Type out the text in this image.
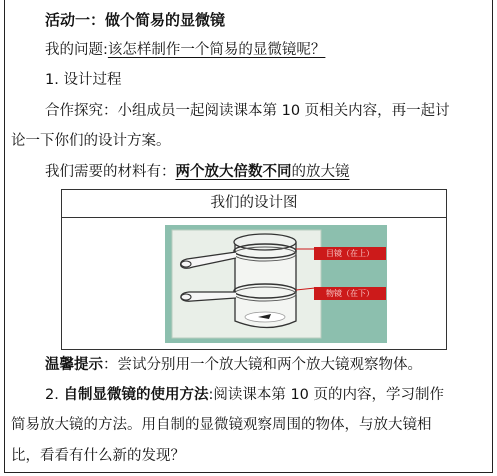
活动一：做个简易的显微镜
我的问题:该怎样制作一个简易的显微镜呢？
1. 设计过程
合作探究：小组成员一起阅读课本第 10 页相关内容，再一起讨
论一下你们的设计方案。
我们需要的材料有：两个放大倍数不同的放大镜
我们的设计图
目镜（在上）
物镜（在下）
温馨提示：尝试分别用一个放大镜和两个放大镜观察物体。
2. 自制显微镜的使用方法:阅读课本第 10 页的内容，学习制作
简易放大镜的方法。用自制的显微镜观察周围的物体，与放大镜相
比，看看有什么新的发现？
